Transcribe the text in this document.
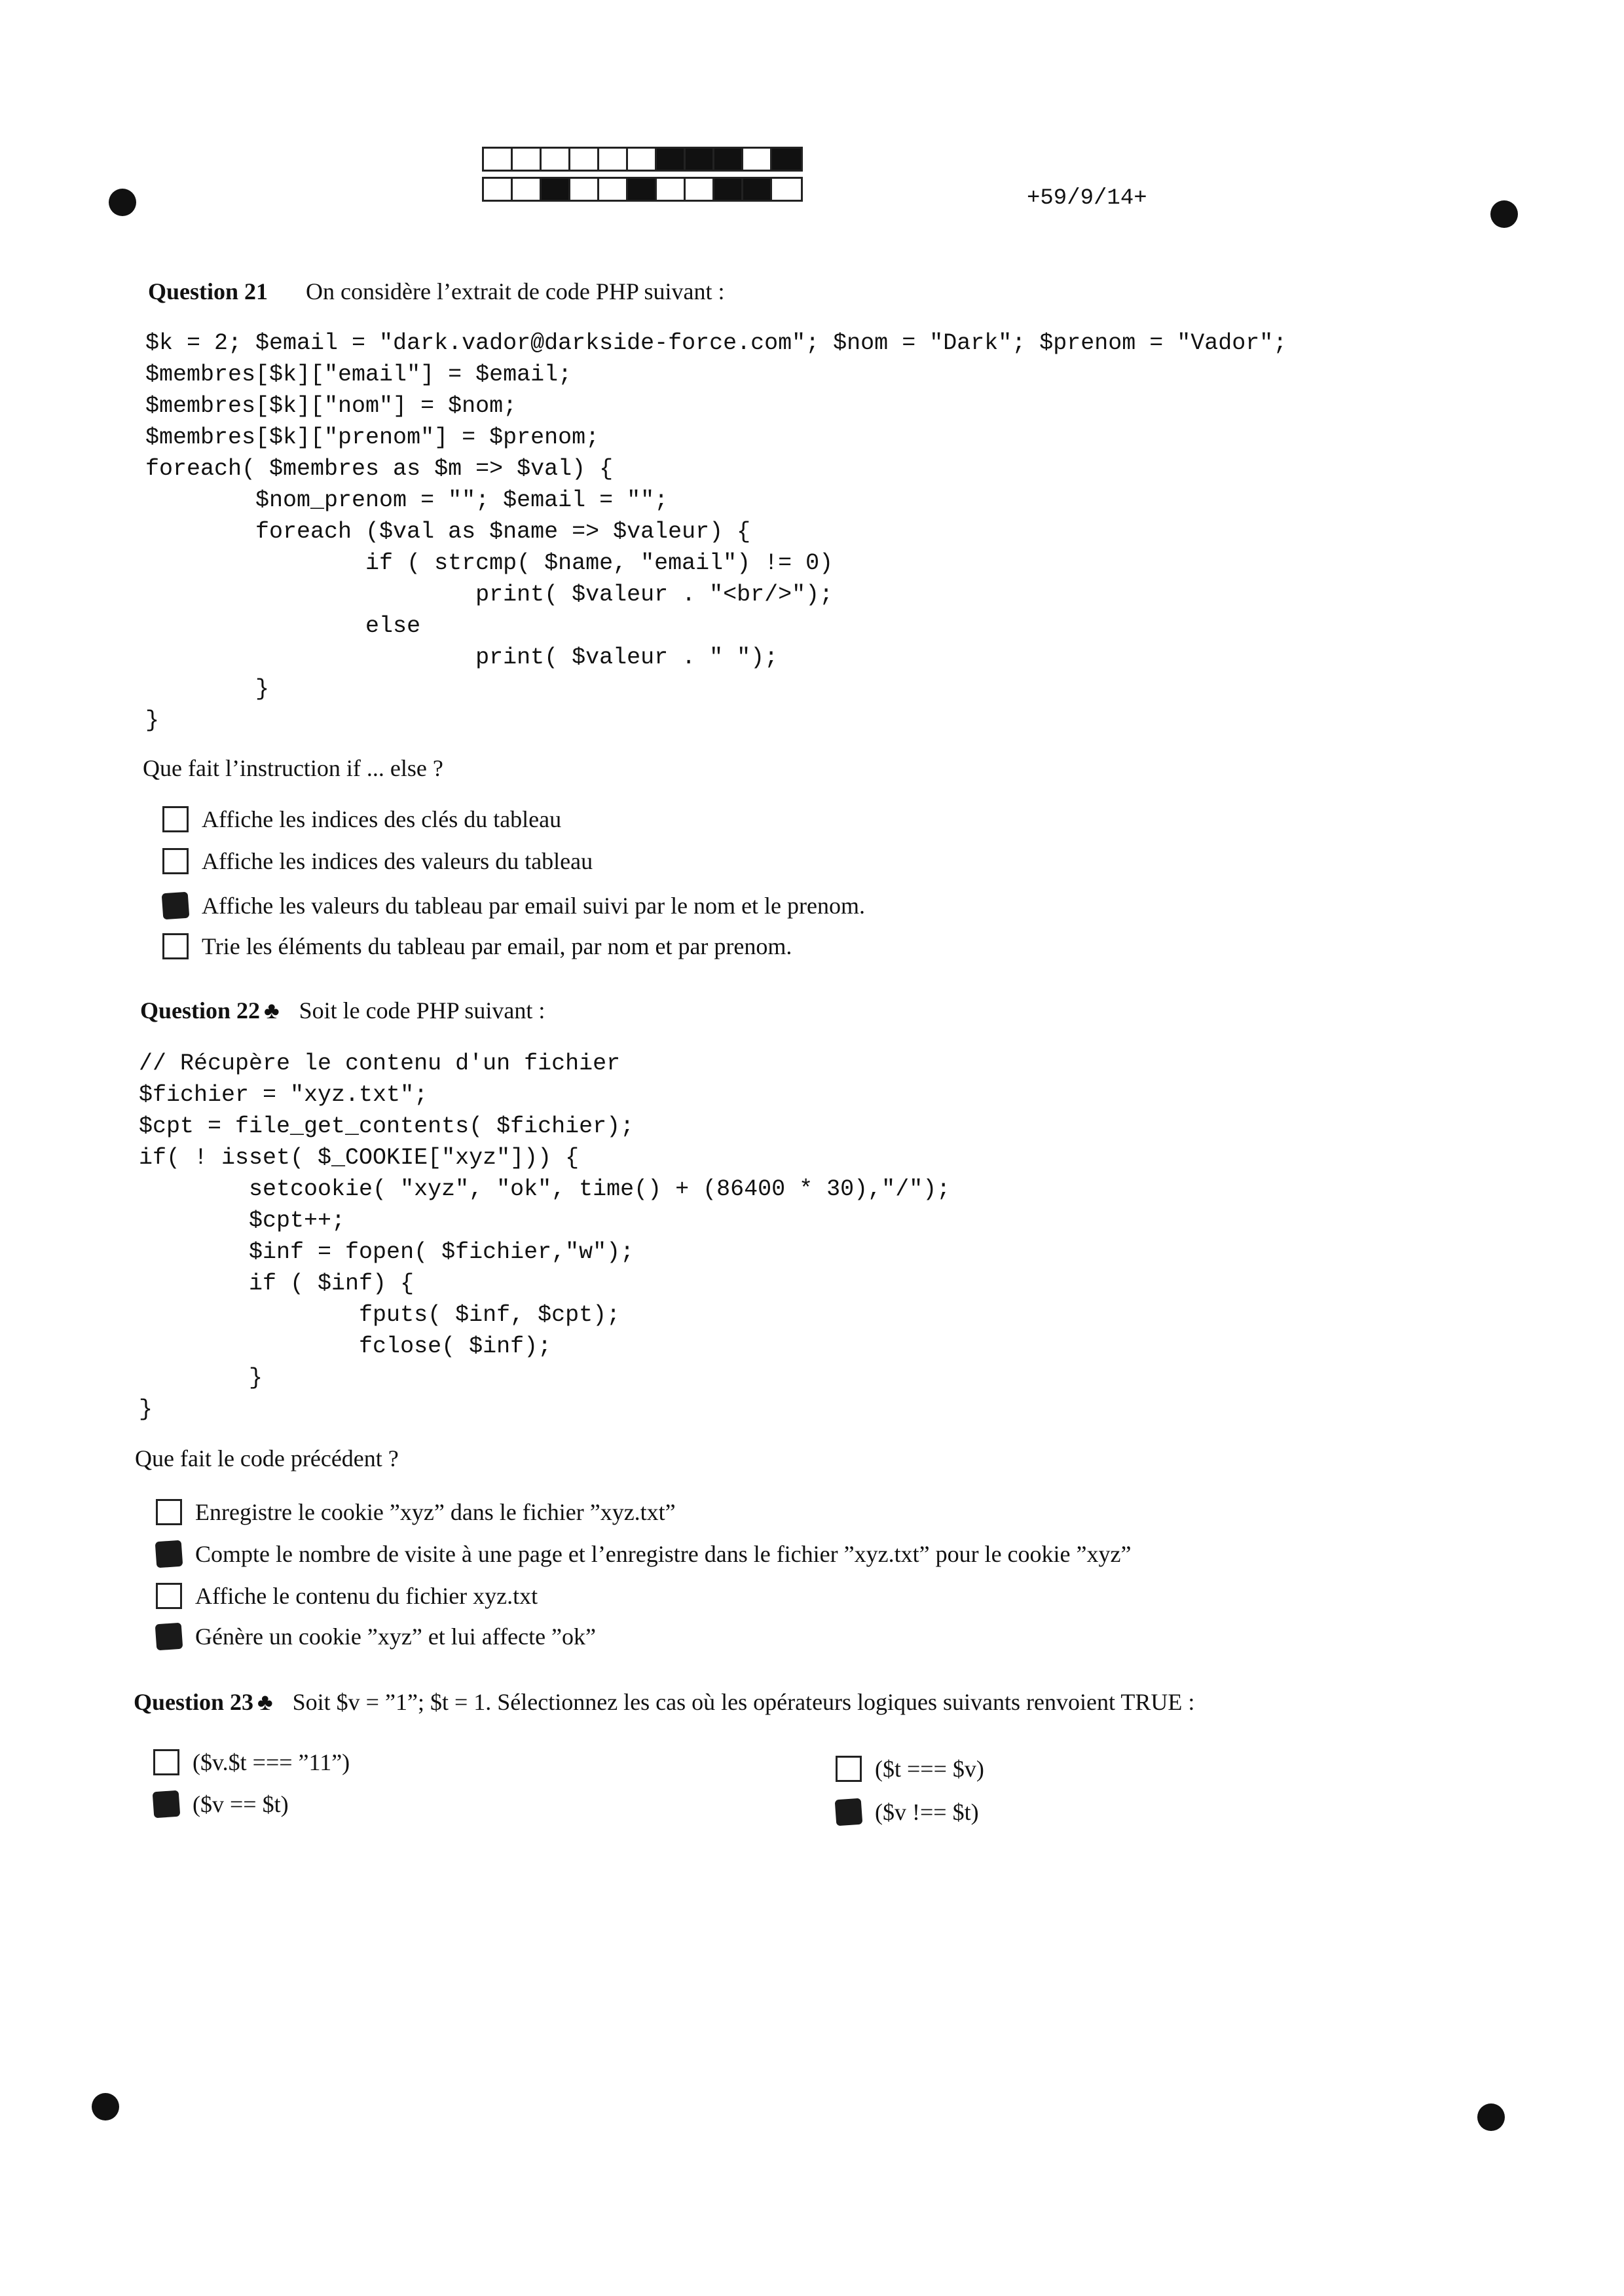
+59/9/14+
Question 21 On considère l’extrait de code PHP suivant :
$k = 2; $email = "dark.vador@darkside-force.com"; $nom = "Dark"; $prenom = "Vador";
$membres[$k]["email"] = $email;
$membres[$k]["nom"] = $nom;
$membres[$k]["prenom"] = $prenom;
foreach( $membres as $m => $val) {
$nom_prenom = ""; $email = "";
foreach ($val as $name => $valeur) {
if ( strcmp( $name, "email") != 0)
print( $valeur . "<br/>");
else
print( $valeur . " ");
}
}
Que fait l’instruction if ... else ?
Affiche les indices des clés du tableau
Affiche les indices des valeurs du tableau
Affiche les valeurs du tableau par email suivi par le nom et le prenom.
Trie les éléments du tableau par email, par nom et par prenom.
Question 22 ♣ Soit le code PHP suivant :
// Récupère le contenu d'un fichier
$fichier = "xyz.txt";
$cpt = file_get_contents( $fichier);
if( ! isset( $_COOKIE["xyz"])) {
setcookie( "xyz", "ok", time() + (86400 * 30),"/");
$cpt++;
$inf = fopen( $fichier,"w");
if ( $inf) {
fputs( $inf, $cpt);
fclose( $inf);
}
}
Que fait le code précédent ?
Enregistre le cookie ”xyz” dans le fichier ”xyz.txt”
Compte le nombre de visite à une page et l’enregistre dans le fichier ”xyz.txt” pour le cookie ”xyz”
Affiche le contenu du fichier xyz.txt
Génère un cookie ”xyz” et lui affecte ”ok”
Question 23 ♣ Soit $v = ”1”; $t = 1. Sélectionnez les cas où les opérateurs logiques suivants renvoient TRUE :
($v.$t === ”11”)
($v == $t)
($t === $v)
($v !== $t)
